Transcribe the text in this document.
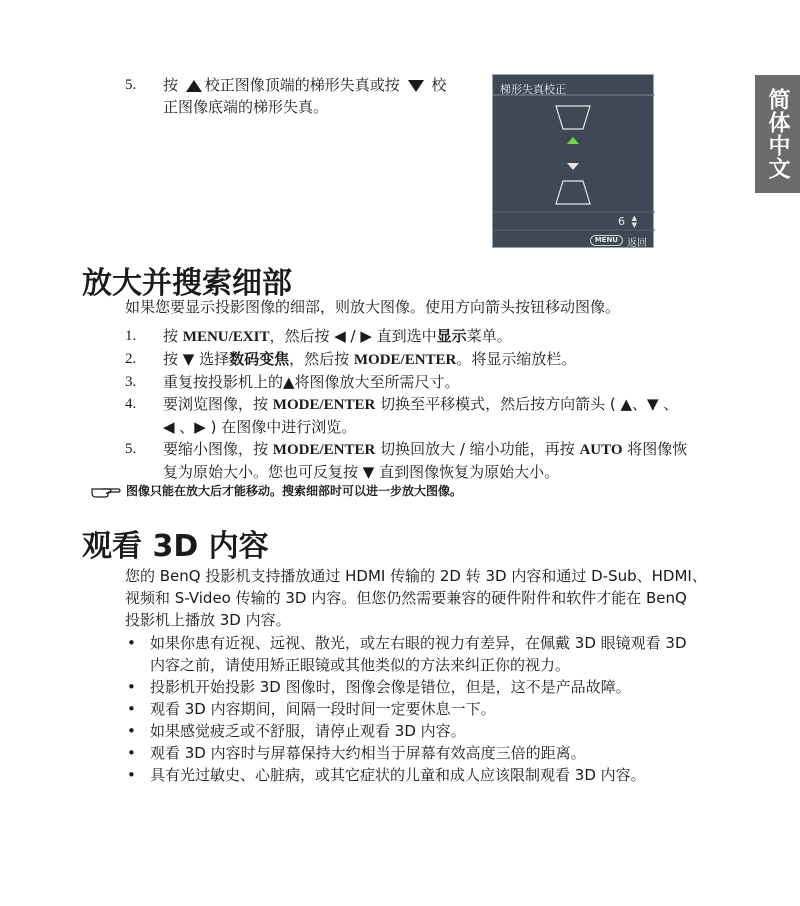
简体中文
5.	按 校正图像顶端的梯形失真或按 校
正图像底端的梯形失真。
梯形失真校正
6 ▲
▼
MENU 返回
放大并搜索细部
如果您要显示投影图像的细部，则放大图像。使用方向箭头按钮移动图像。
1.	按 MENU/EXIT，然后按 ◀ / ▶ 直到选中显示菜单。
2.	按 ▼ 选择数码变焦，然后按 MODE/ENTER。将显示缩放栏。
3.	重复按投影机上的▲将图像放大至所需尺寸。
4.	要浏览图像，按 MODE/ENTER 切换至平移模式，然后按方向箭头 ( ▲、▼ 、
◀ 、▶ ) 在图像中进行浏览。
5.	要缩小图像，按 MODE/ENTER 切换回放大 / 缩小功能，再按 AUTO 将图像恢
复为原始大小。您也可反复按 ▼ 直到图像恢复为原始大小。
图像只能在放大后才能移动。搜索细部时可以进一步放大图像。
观看 3D 内容
您的 BenQ 投影机支持播放通过 HDMI 传输的 2D 转 3D 内容和通过 D-Sub、HDMI、
视频和 S-Video 传输的 3D 内容。但您仍然需要兼容的硬件附件和软件才能在 BenQ
投影机上播放 3D 内容。
• 如果你患有近视、远视、散光，或左右眼的视力有差异，在佩戴 3D 眼镜观看 3D
内容之前，请使用矫正眼镜或其他类似的方法来纠正你的视力。
• 投影机开始投影 3D 图像时，图像会像是错位，但是，这不是产品故障。
• 观看 3D 内容期间，间隔一段时间一定要休息一下。
• 如果感觉疲乏或不舒服，请停止观看 3D 内容。
• 观看 3D 内容时与屏幕保持大约相当于屏幕有效高度三倍的距离。
• 具有光过敏史、心脏病，或其它症状的儿童和成人应该限制观看 3D 内容。
